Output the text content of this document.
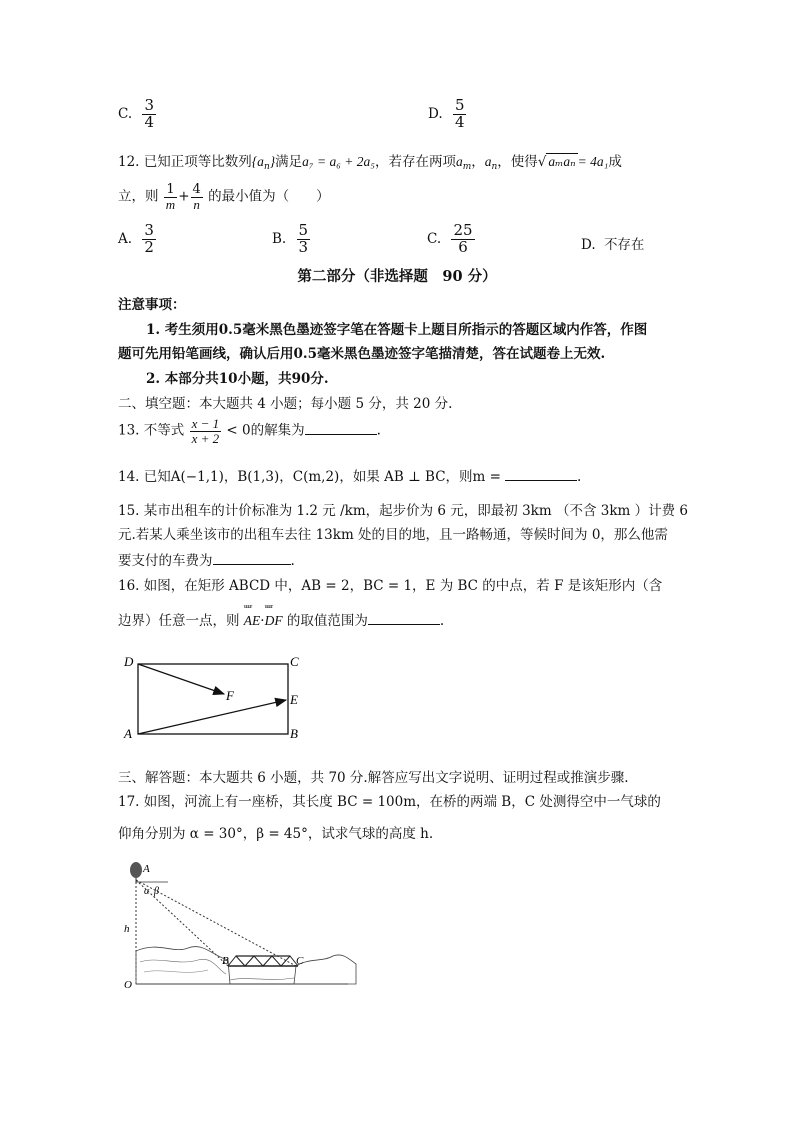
C. $\frac{3}{4}$	D. $\frac{5}{4}$
12. 已知正项等比数列$\{a_n\}$满足a₇ = a₆ + 2a₅，若存在两项$a_m$，$a_n$，使得√ aₘaₙ = 4a₁成
立，则 $\frac{1}{m} + \frac{4}{n}$ 的最小值为（　　）
A. $\frac{3}{2}$	B. $\frac{5}{3}$	C. $\frac{25}{6}$	D. 不存在
第二部分（非选择题　90 分）
注意事项：
1. 考生须用0.5毫米黑色墨迹签字笔在答题卡上题目所指示的答题区域内作答，作图
题可先用铅笔画线，确认后用0.5毫米黑色墨迹签字笔描清楚，答在试题卷上无效.
2. 本部分共10小题，共90分.
二、填空题：本大题共 4 小题；每小题 5 分，共 20 分.
13. 不等式 $\frac{x - 1}{x + 2} < 0$的解集为	.
14. 已知A(−1,1)，B(1,3)，C(m,2)，如果 AB ⊥ BC，则m =	.
15. 某市出租车的计价标准为 1.2 元 /km，起步价为 6 元，即最初 3km （不含 3km ）计费 6
元.若某人乘坐该市的出租车去往 13km 处的目的地，且一路畅通，等候时间为 0，那么他需
要支付的车费为	.
16. 如图，在矩形 ABCD 中，AB = 2，BC = 1，E 为 BC 的中点，若 F 是该矩形内（含
边界）任意一点，则 uuu r AE·uuu r DF 的取值范围为	.
D	C
A	B
E
F
三、解答题：本大题共 6 小题，共 70 分.解答应写出文字说明、证明过程或推演步骤.
17. 如图，河流上有一座桥，其长度 BC = 100m，在桥的两端 B，C 处测得空中一气球的
仰角分别为 α = 30°，β = 45°，试求气球的高度 h.
A
α β
h
O
B	C
